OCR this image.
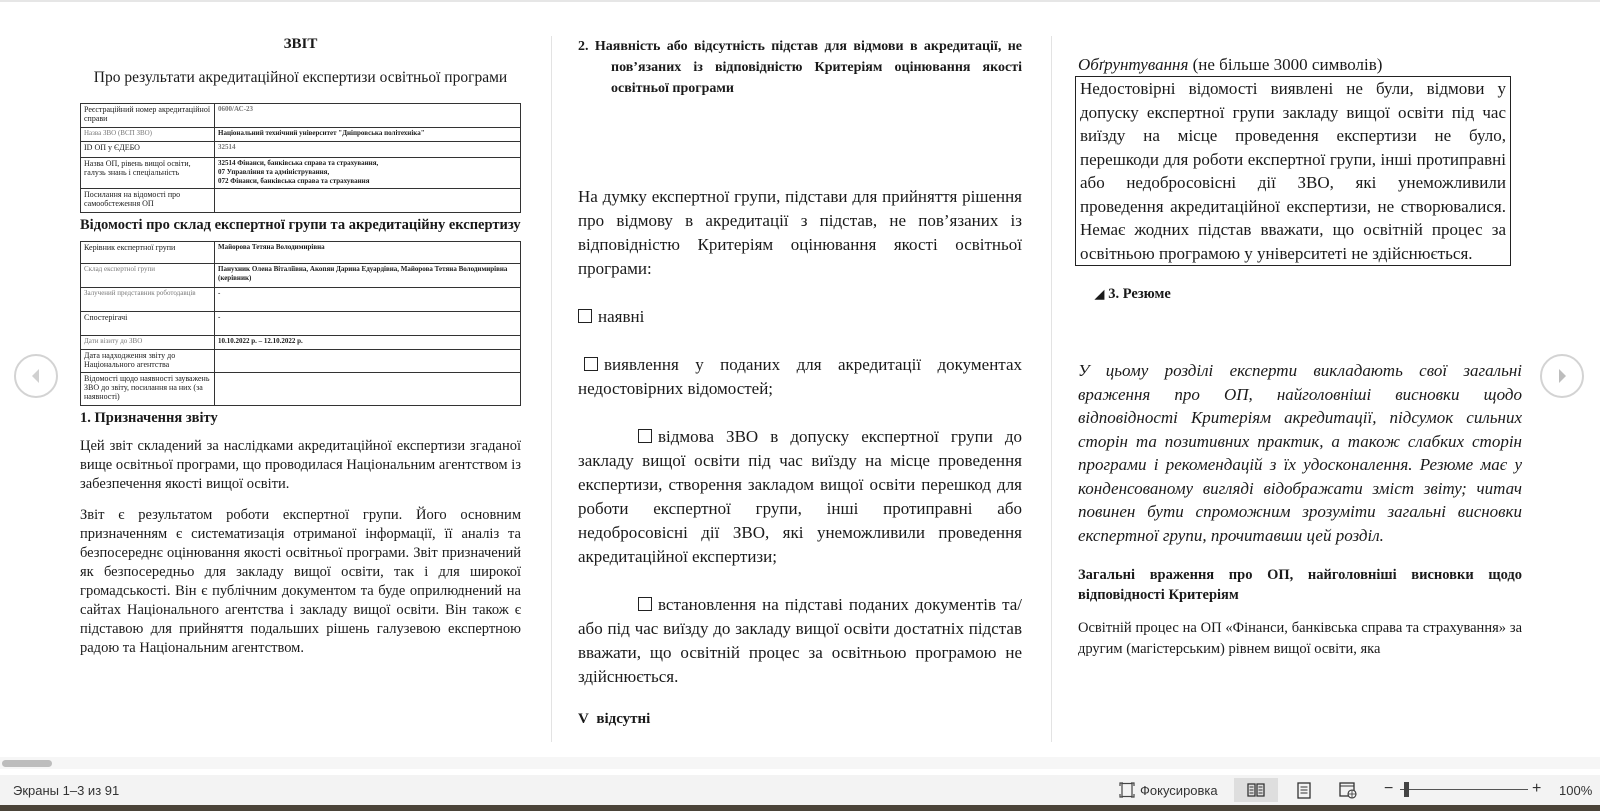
ЗВІТ
Про результати акредитаційної експертизи освітньої програми
Реєстраційний номер акредитаційної справи	0600/АС-23
Назва ЗВО (ВСП ЗВО)	Національний технічний університет "Дніпровська політехніка"
ID ОП у ЄДЕБО	32514
Назва ОП, рівень вищої освіти, галузь знань і спеціальність	32514 Фінанси, банківська справа та страхування,
07 Управління та адміністрування,
072 Фінанси, банківська справа та страхування

Посилання на відомості про самообстеження ОП	
Відомості про склад експертної групи та акредитаційну експертизу
Керівник експертної групи	Майорова Тетяна Володимирівна
Склад експертної групи	Панухник Олена Віталіївна, Акопян Дарина Едуардівна, Майорова Тетяна Володимирівна (керівник)
Залучений представник роботодавців	-
Спостерігачі	-
Дати візиту до ЗВО	10.10.2022 р. – 12.10.2022 р.
Дата надходження звіту до Національного агентства	
Відомості щодо наявності зауважень ЗВО до звіту, посилання на них (за наявності)	
1. Призначення звіту

Цей звіт складений за наслідками акредитаційної експертизи згаданої вище освітньої програми, що проводилася Національним агентством із забезпечення якості вищої освіти.

Звіт є результатом роботи експертної групи. Його основним призначенням є систематизація отриманої інформації, її аналіз та безпосереднє оцінювання якості освітньої програми. Звіт призначений як безпосередньо для закладу вищої освіти, так і для широкої громадськості. Він є публічним документом та буде оприлюднений на сайтах Національного агентства і закладу вищої освіти. Він також є підставою для прийняття подальших рішень галузевою експертною радою та Національним агентством.

2. Наявність або відсутність підстав для відмови в акредитації, не пов’язаних із відповідністю Критеріям оцінювання якості освітньої програми

На думку експертної групи, підстави для прийняття рішення про відмову в акредитації з підстав, не пов’язаних із відповідністю Критеріям оцінювання якості освітньої програми:

наявні

виявлення у поданих для акредитації документах недостовірних відомостей;

відмова ЗВО в допуску експертної групи до закладу вищої освіти під час виїзду на місце проведення експертизи, створення закладом вищої освіти перешкод для роботи експертної групи, інші протиправні або недобросовісні дії ЗВО, які унеможливили проведення акредитаційної експертизи;

встановлення на підставі поданих документів та/або під час виїзду до закладу вищої освіти достатніх підстав вважати, що освітній процес за освітньою програмою не здійснюється.

V відсутні
Обґрунтування (не більше 3000 символів)
Недостовірні відомості виявлені не були, відмови у допуску експертної групи закладу вищої освіти під час виїзду на місце проведення експертизи не було, перешкоди для роботи експертної групи, інші протиправні або недобросовісні дії ЗВО, які унеможливили проведення акредитаційної експертизи, не створювалися. Немає жодних підстав вважати, що освітній процес за освітньою програмою у університеті не здійснюється.
◢ 3. Резюме

У цьому розділі експерти викладають свої загальні враження про ОП, найголовніші висновки щодо відповідності Критеріям акредитації, підсумок сильних сторін та позитивних практик, а також слабких сторін програми і рекомендацій з їх удосконалення. Резюме має у конденсованому вигляді відображати зміст звіту; читач повинен бути спроможним зрозуміти загальні висновки експертної групи, прочитавши цей розділ.

Загальні враження про ОП, найголовніші висновки щодо відповідності Критеріям

Освітній процес на ОП «Фінанси, банківська справа та страхування» за другим (магістерським) рівнем вищої освіти, яка

Экраны 1–3 из 91	Фокусировка	−	+ 100%
